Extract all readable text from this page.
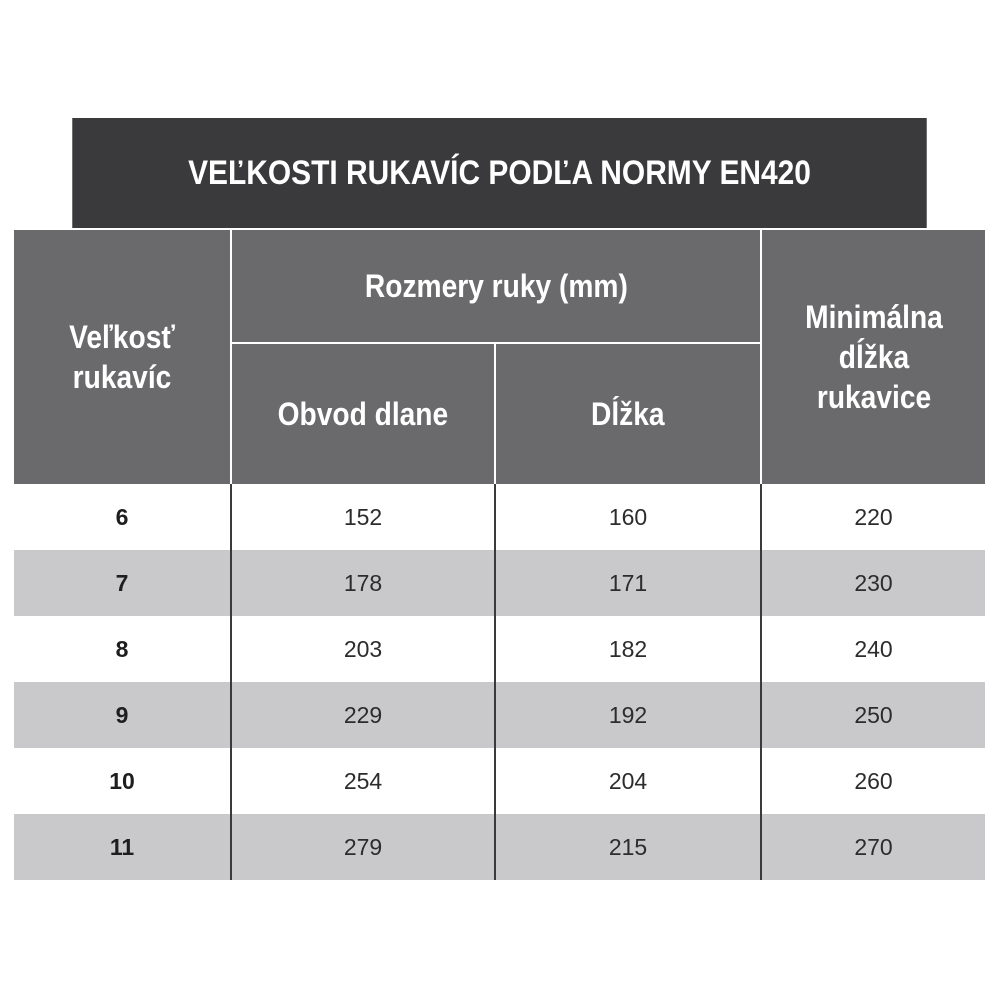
VEĽKOSTI RUKAVÍC PODĽA NORMY EN420
Veľkosť rukavíc	Rozmery ruky (mm)		Minimálna dĺžka rukavice
	Obvod dlane	Dĺžka	
6	152	160	220
7	178	171	230
8	203	182	240
9	229	192	250
10	254	204	260
11	279	215	270
